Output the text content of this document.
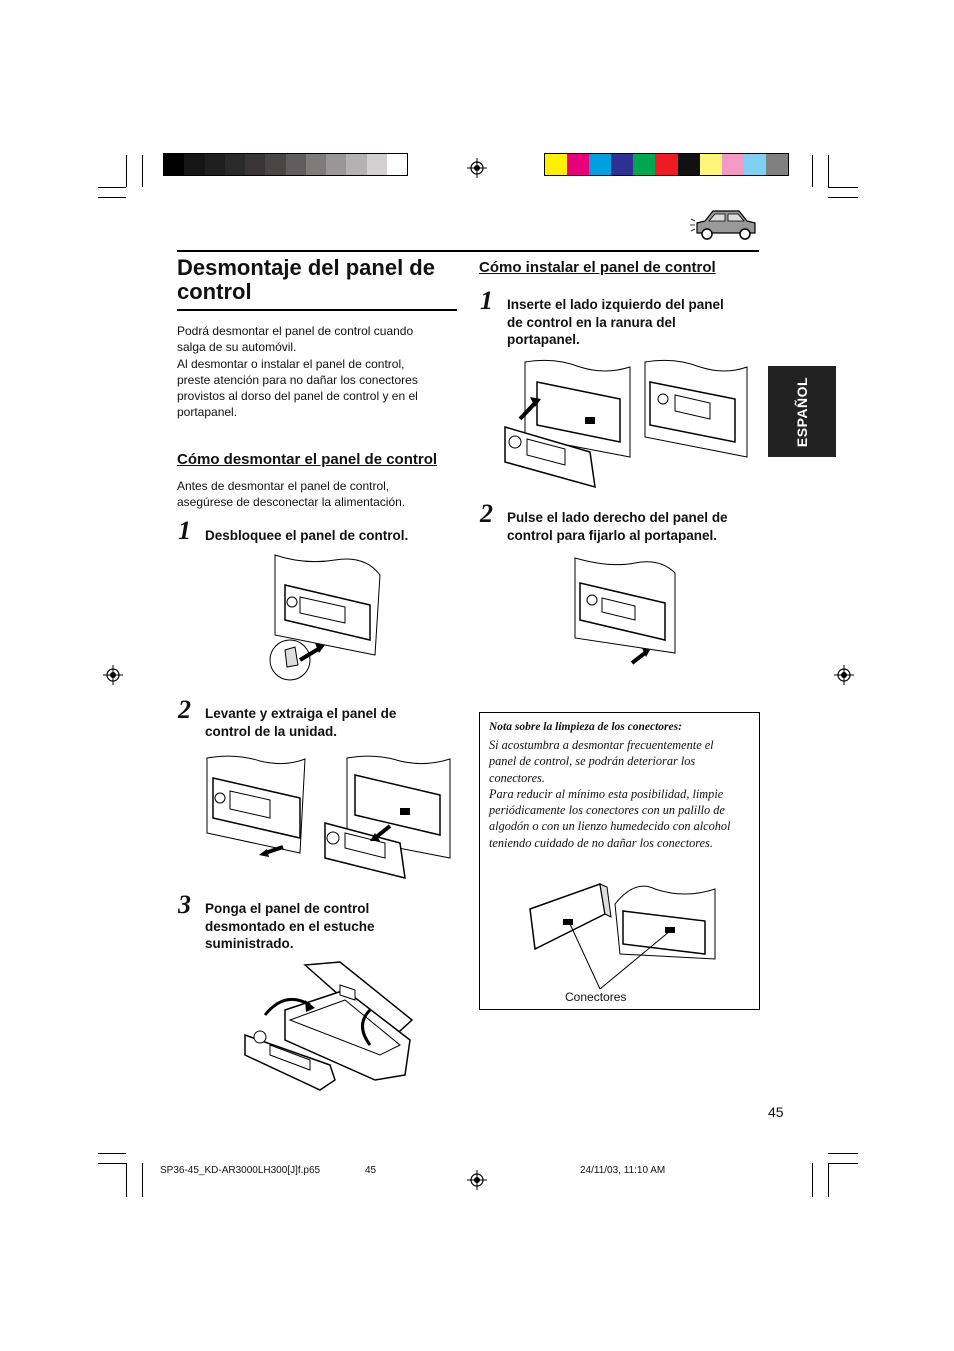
ESPAÑOL
Desmontaje del panel de control
Podrá desmontar el panel de control cuando
salga de su automóvil.
Al desmontar o instalar el panel de control,
preste atención para no dañar los conectores
provistos al dorso del panel de control y en el
portapanel.
Cómo desmontar el panel de control
Antes de desmontar el panel de control,
asegúrese de desconectar la alimentación.
1 Desbloquee el panel de control.
2 Levante y extraiga el panel de
control de la unidad.
3 Ponga el panel de control
desmontado en el estuche
suministrado.
Cómo instalar el panel de control
1 Inserte el lado izquierdo del panel
de control en la ranura del
portapanel.
2 Pulse el lado derecho del panel de
control para fijarlo al portapanel.
Nota sobre la limpieza de los conectores:
Si acostumbra a desmontar frecuentemente el
panel de control, se podrán deteriorar los
conectores.
Para reducir al mínimo esta posibilidad, limpie
periódicamente los conectores con un palillo de
algodón o con un lienzo humedecido con alcohol
teniendo cuidado de no dañar los conectores.
Conectores
45
SP36-45_KD-AR3000LH300[J]f.p65	45	24/11/03, 11:10 AM
